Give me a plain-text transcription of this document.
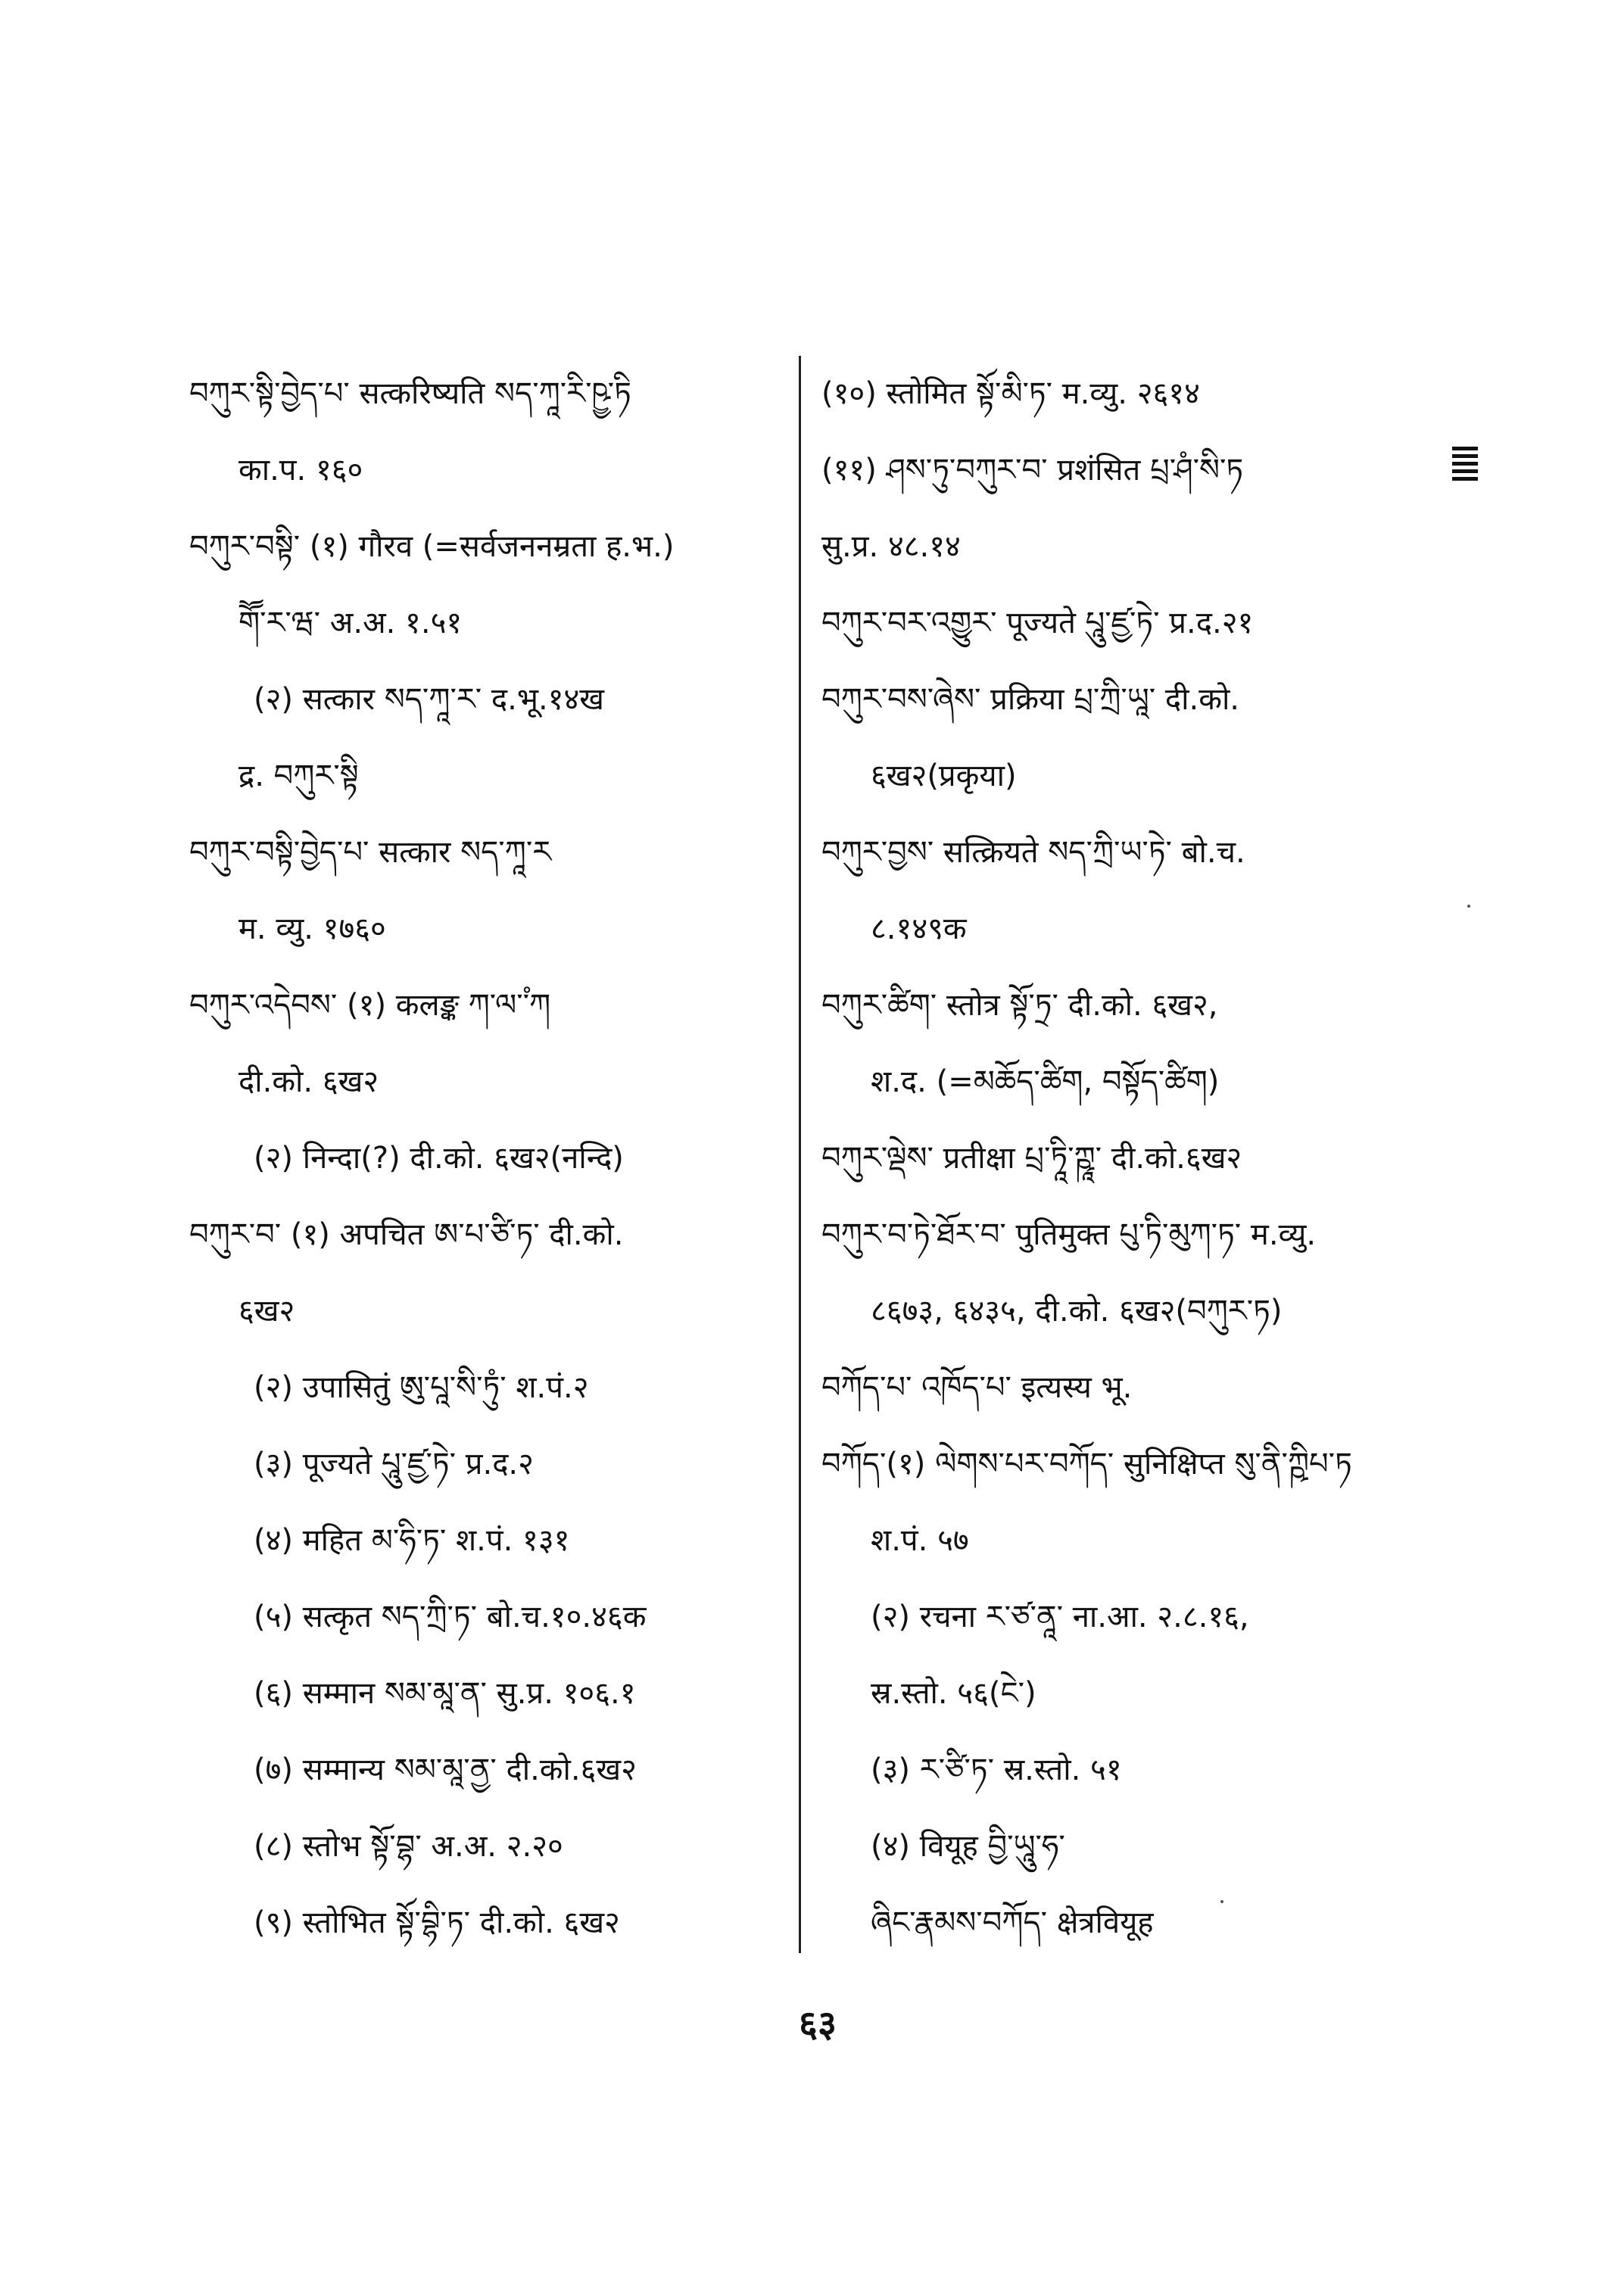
བཀུར་སྟི་བྱེད་པ་ सत्करिष्यति སད་ཀཱ་རི་ཥྱ་ཏི
का.प. १६०
བཀུར་བསྟི་ (१) गौरव (=सर्वजननम्रता ह.भ.)
གཽ་ར་ཝ་ अ.अ. १.५१
(२) सत्कार སད་ཀཱ་ར་ द.भू.१४ख
द्र. བཀུར་སྟི
བཀུར་བསྟི་བྱེད་པ་ सत्कार སད་ཀཱ་ར
म. व्यु. १७६०
བཀུར་འདེབས་ (१) कलङ्क ཀ་ལ་ཾ་ཀ
दी.को. ६ख२
(२) निन्दा(?) दी.को. ६ख२(नन्दि)
བཀུར་བ་ (१) अपचित ཨ་པ་ཙི་ཏ་ दी.को.
६ख२
(२) उपासितुं ཨུ་པཱ་སི་ཏུཾ་ श.पं.२
(३) पूज्यते པཱུ་ཛྱ་ཏེ་ प्र.द.२
(४) महित མ་ཧི་ཏ་ श.पं. १३१
(५) सत्कृत སད་ཀྲི་ཏ་ बो.च.१०.४६क
(६) सम्मान སམ་མཱ་ན་ सु.प्र. १०६.१
(७) सम्मान्य སམ་མཱ་ནྱ་ दी.को.६ख२
(८) स्तोभ སྟོ་བྷ་ अ.अ. २.२०
(९) स्तोभित སྟོ་བྷི་ཏ་ दी.को. ६ख२
(१०) स्तोमित སྟོ་མི་ཏ་ म.व्यु. २६१४
(११) ཤས་ཏུ་བཀུར་བ་ प्रशंसित པྲ་ཤཾ་སི་ཏ
सु.प्र. ४८.१४
བཀུར་བར་འགྱུར་ पूज्यते པཱུ་ཛྱ་ཏེ་ प्र.द.२१
བཀུར་བས་ཞེས་ प्रक्रिया པྲ་ཀྲི་ཡཱ་ दी.को.
६ख२(प्रकृया)
བཀུར་བྱས་ सत्क्रियते སད་ཀྲི་ཡ་ཏེ་ बो.च.
८.१४९क
བཀུར་ཚིག་ स्तोत्र སྟོ་ཏྲ་ दी.को. ६ख२,
श.द. (=མཆོད་ཚིག, བསྟོད་ཚིག)
བཀུར་ལྡེས་ प्रतीक्षा པྲ་ཏཱི་ཀྵཱ་ दी.को.६ख२
བཀུར་བ་ཏེ་ཐོར་བ་ पुतिमुक्त པུ་ཏི་མུཀ་ཏ་ म.व्यु.
८६७३, ६४३५, दी.को. ६ख२(བཀུར་ཏ)
བཀོད་པ་ འཁོད་པ་ इत्यस्य भू.
བཀོད་(१) ལེགས་པར་བཀོད་ सुनिक्षिप्त སུ་ནི་ཀྵིཔ་ཏ
श.पं. ५७
(२) रचना ར་ཙ་ནཱ་ ना.आ. २.८.१६,
स्र.स्तो. ५६(ངེ་)
(३) ར་ཙི་ཏ་ स्र.स्तो. ५१
(४) वियूह བྱི་ཡཱུ་ཧ་
ཞིང་རྣམས་བཀོད་ क्षेत्रवियूह
६३
